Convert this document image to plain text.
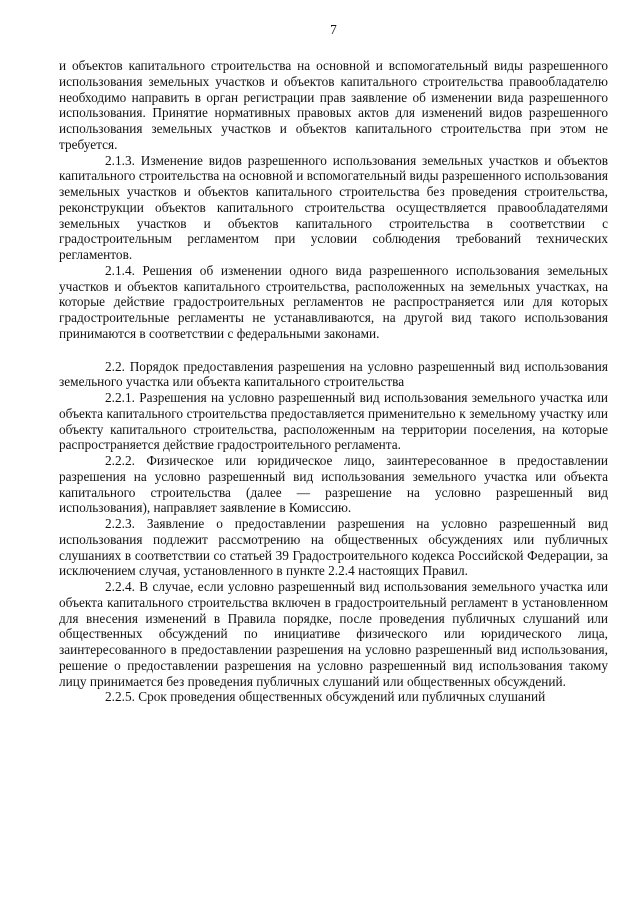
7

и объектов капитального строительства на основной и вспомогательный виды разрешенного использования земельных участков и объектов капитального строительства правообладателю необходимо направить в орган регистрации прав заявление об изменении вида разрешенного использования. Принятие нормативных правовых актов для изменений видов разрешенного использования земельных участков и объектов капитального строительства при этом не требуется.

2.1.3. Изменение видов разрешенного использования земельных участков и объектов капитального строительства на основной и вспомогательный виды разрешенного использования земельных участков и объектов капитального строительства без проведения строительства, реконструкции объектов капитального строительства осуществляется правообладателями земельных участков и объектов капитального строительства в соответствии с градостроительным регламентом при условии соблюдения требований технических регламентов.

2.1.4. Решения об изменении одного вида разрешенного использования земельных участков и объектов капитального строительства, расположенных на земельных участках, на которые действие градостроительных регламентов не распространяется или для которых градостроительные регламенты не устанавливаются, на другой вид такого использования принимаются в соответствии с федеральными законами.

2.2. Порядок предоставления разрешения на условно разрешенный вид использования земельного участка или объекта капитального строительства

2.2.1. Разрешения на условно разрешенный вид использования земельного участка или объекта капитального строительства предоставляется применительно к земельному участку или объекту капитального строительства, расположенным на территории поселения, на которые распространяется действие градостроительного регламента.

2.2.2. Физическое или юридическое лицо, заинтересованное в предоставлении разрешения на условно разрешенный вид использования земельного участка или объекта капитального строительства (далее — разрешение на условно разрешенный вид использования), направляет заявление в Комиссию.

2.2.3. Заявление о предоставлении разрешения на условно разрешенный вид использования подлежит рассмотрению на общественных обсуждениях или публичных слушаниях в соответствии со статьей 39 Градостроительного кодекса Российской Федерации, за исключением случая, установленного в пункте 2.2.4 настоящих Правил.

2.2.4. В случае, если условно разрешенный вид использования земельного участка или объекта капитального строительства включен в градостроительный регламент в установленном для внесения изменений в Правила порядке, после проведения публичных слушаний или общественных обсуждений по инициативе физического или юридического лица, заинтересованного в предоставлении разрешения на условно разрешенный вид использования, решение о предоставлении разрешения на условно разрешенный вид использования такому лицу принимается без проведения публичных слушаний или общественных обсуждений.

2.2.5. Срок проведения общественных обсуждений или публичных слушаний
